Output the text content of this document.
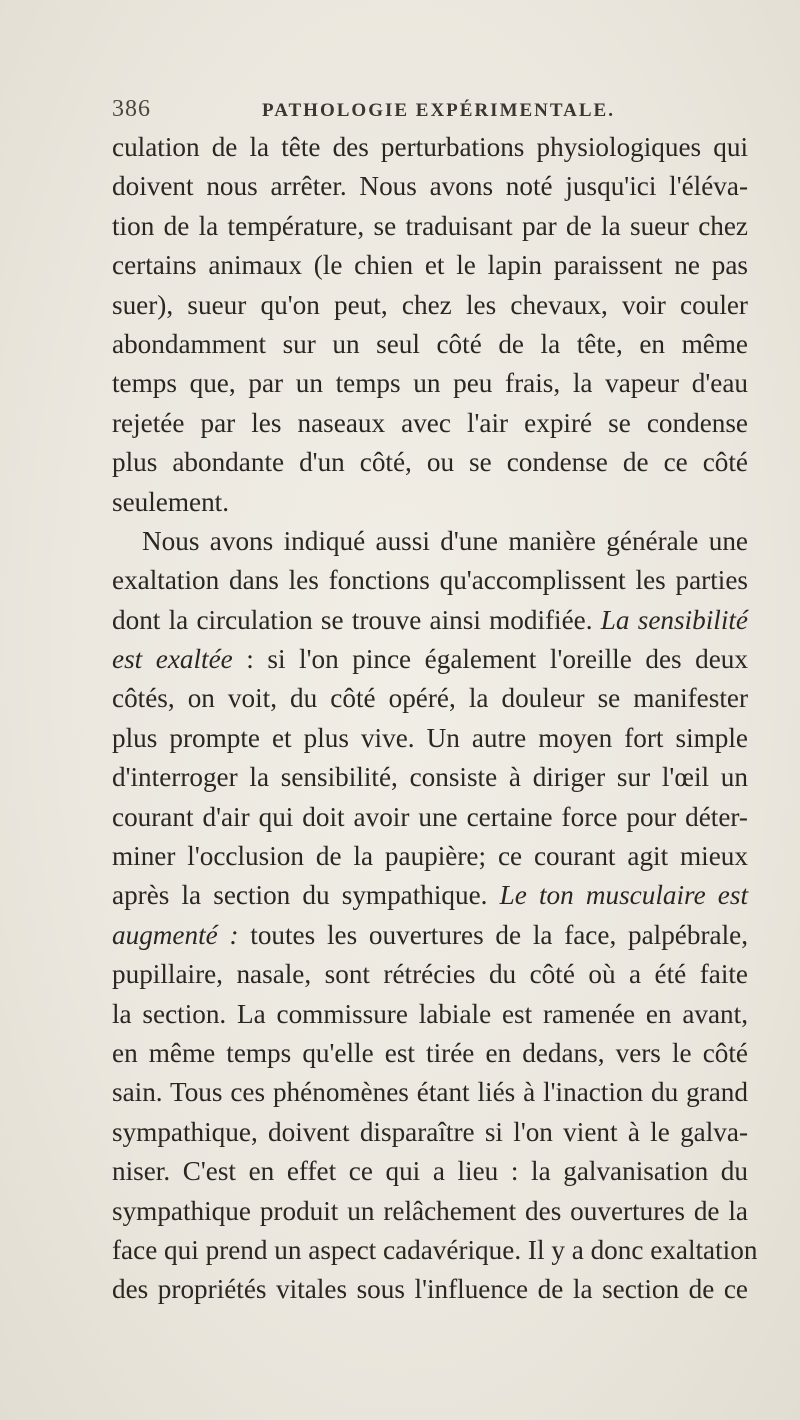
386	PATHOLOGIE EXPÉRIMENTALE.
culation de la tête des perturbations physiologiques qui
doivent nous arrêter. Nous avons noté jusqu'ici l'éléva-
tion de la température, se traduisant par de la sueur chez
certains animaux (le chien et le lapin paraissent ne pas
suer), sueur qu'on peut, chez les chevaux, voir couler
abondamment sur un seul côté de la tête, en même
temps que, par un temps un peu frais, la vapeur d'eau
rejetée par les naseaux avec l'air expiré se condense
plus abondante d'un côté, ou se condense de ce côté
seulement.
Nous avons indiqué aussi d'une manière générale une
exaltation dans les fonctions qu'accomplissent les parties
dont la circulation se trouve ainsi modifiée. La sensibilité
est exaltée : si l'on pince également l'oreille des deux
côtés, on voit, du côté opéré, la douleur se manifester
plus prompte et plus vive. Un autre moyen fort simple
d'interroger la sensibilité, consiste à diriger sur l'œil un
courant d'air qui doit avoir une certaine force pour déter-
miner l'occlusion de la paupière; ce courant agit mieux
après la section du sympathique. Le ton musculaire est
augmenté : toutes les ouvertures de la face, palpébrale,
pupillaire, nasale, sont rétrécies du côté où a été faite
la section. La commissure labiale est ramenée en avant,
en même temps qu'elle est tirée en dedans, vers le côté
sain. Tous ces phénomènes étant liés à l'inaction du grand
sympathique, doivent disparaître si l'on vient à le galva-
niser. C'est en effet ce qui a lieu : la galvanisation du
sympathique produit un relâchement des ouvertures de la
face qui prend un aspect cadavérique. Il y a donc exaltation
des propriétés vitales sous l'influence de la section de ce
